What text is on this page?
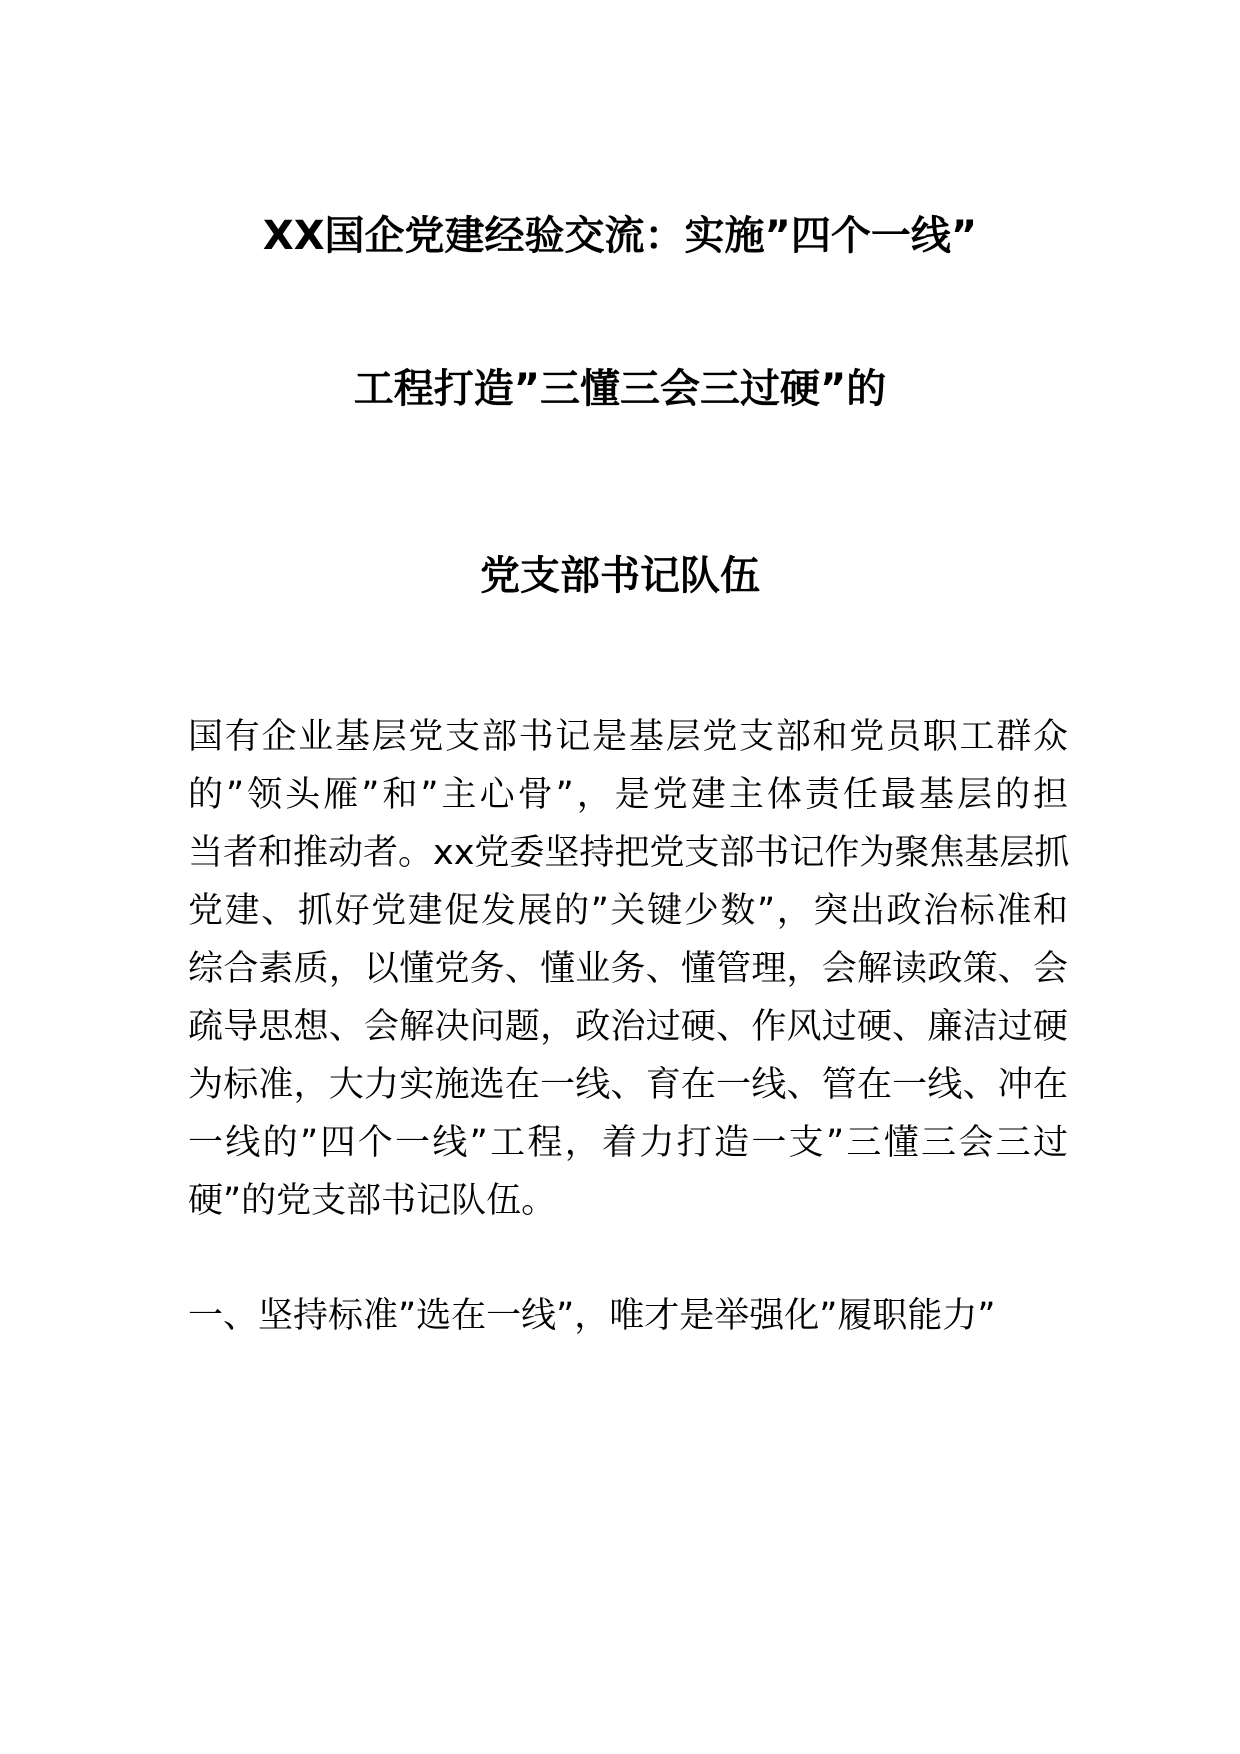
XX国企党建经验交流：实施”四个一线”
工程打造”三懂三会三过硬”的
党支部书记队伍
国有企业基层党支部书记是基层党支部和党员职工群众
的”领头雁”和”主心骨”，是党建主体责任最基层的担
当者和推动者。xx党委坚持把党支部书记作为聚焦基层抓
党建、抓好党建促发展的”关键少数”，突出政治标准和
综合素质，以懂党务、懂业务、懂管理，会解读政策、会
疏导思想、会解决问题，政治过硬、作风过硬、廉洁过硬
为标准，大力实施选在一线、育在一线、管在一线、冲在
一线的”四个一线”工程，着力打造一支”三懂三会三过
硬”的党支部书记队伍。
一、坚持标准”选在一线”，唯才是举强化”履职能力”
